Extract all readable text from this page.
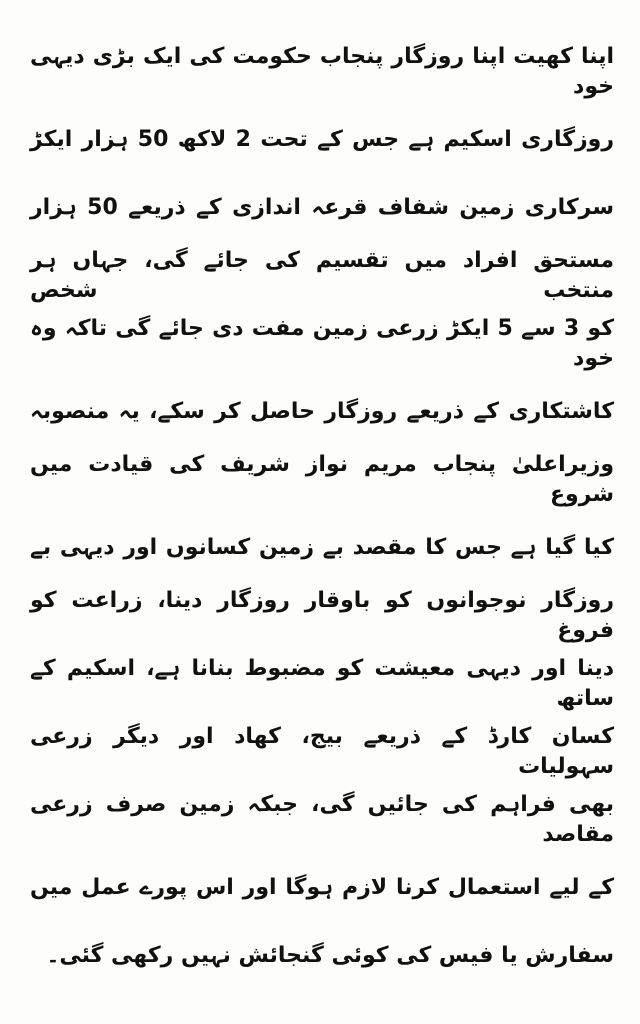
اپنا کھیت اپنا روزگار پنجاب حکومت کی ایک بڑی دیہی خود
روزگاری اسکیم ہے جس کے تحت 2 لاکھ 50 ہزار ایکڑ
سرکاری زمین شفاف قرعہ اندازی کے ذریعے 50 ہزار
مستحق افراد میں تقسیم کی جائے گی، جہاں ہر منتخب شخص
کو 3 سے 5 ایکڑ زرعی زمین مفت دی جائے گی تاکہ وہ خود
کاشتکاری کے ذریعے روزگار حاصل کر سکے، یہ منصوبہ
وزیراعلیٰ پنجاب مریم نواز شریف کی قیادت میں شروع
کیا گیا ہے جس کا مقصد بے زمین کسانوں اور دیہی بے
روزگار نوجوانوں کو باوقار روزگار دینا، زراعت کو فروغ
دینا اور دیہی معیشت کو مضبوط بنانا ہے، اسکیم کے ساتھ
کسان کارڈ کے ذریعے بیج، کھاد اور دیگر زرعی سہولیات
بھی فراہم کی جائیں گی، جبکہ زمین صرف زرعی مقاصد
کے لیے استعمال کرنا لازم ہوگا اور اس پورے عمل میں
سفارش یا فیس کی کوئی گنجائش نہیں رکھی گئی۔
